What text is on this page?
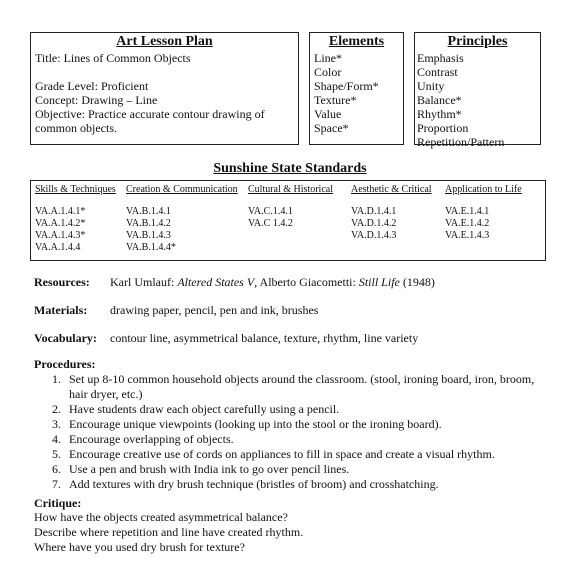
Art Lesson Plan
Title: Lines of Common Objects

Grade Level: Proficient
Concept: Drawing – Line
Objective: Practice accurate contour drawing of
common objects.
Elements
Line*
Color
Shape/Form*
Texture*
Value
Space*
Principles
Emphasis
Contrast
Unity
Balance*
Rhythm*
Proportion
Repetition/Pattern
Sunshine State Standards
Skills & Techniques
VA.A.1.4.1*
VA.A.1.4.2*
VA.A.1.4.3*
VA.A.1.4.4
Creation & Communication
VA.B.1.4.1
VA.B.1.4.2
VA.B.1.4.3
VA.B.1.4.4*
Cultural & Historical
VA.C.1.4.1
VA.C 1.4.2
Aesthetic & Critical
VA.D.1.4.1
VA.D.1.4.2
VA.D.1.4.3
Application to Life
VA.E.1.4.1
VA.E.1.4.2
VA.E.1.4.3
Resources: Karl Umlauf: Altered States V, Alberto Giacometti: Still Life (1948)
Materials: drawing paper, pencil, pen and ink, brushes
Vocabulary: contour line, asymmetrical balance, texture, rhythm, line variety
Procedures:
1. Set up 8-10 common household objects around the classroom. (stool, ironing board, iron, broom, hair dryer, etc.)
2. Have students draw each object carefully using a pencil.
3. Encourage unique viewpoints (looking up into the stool or the ironing board).
4. Encourage overlapping of objects.
5. Encourage creative use of cords on appliances to fill in space and create a visual rhythm.
6. Use a pen and brush with India ink to go over pencil lines.
7. Add textures with dry brush technique (bristles of broom) and crosshatching.
Critique:
How have the objects created asymmetrical balance?
Describe where repetition and line have created rhythm.
Where have you used dry brush for texture?
